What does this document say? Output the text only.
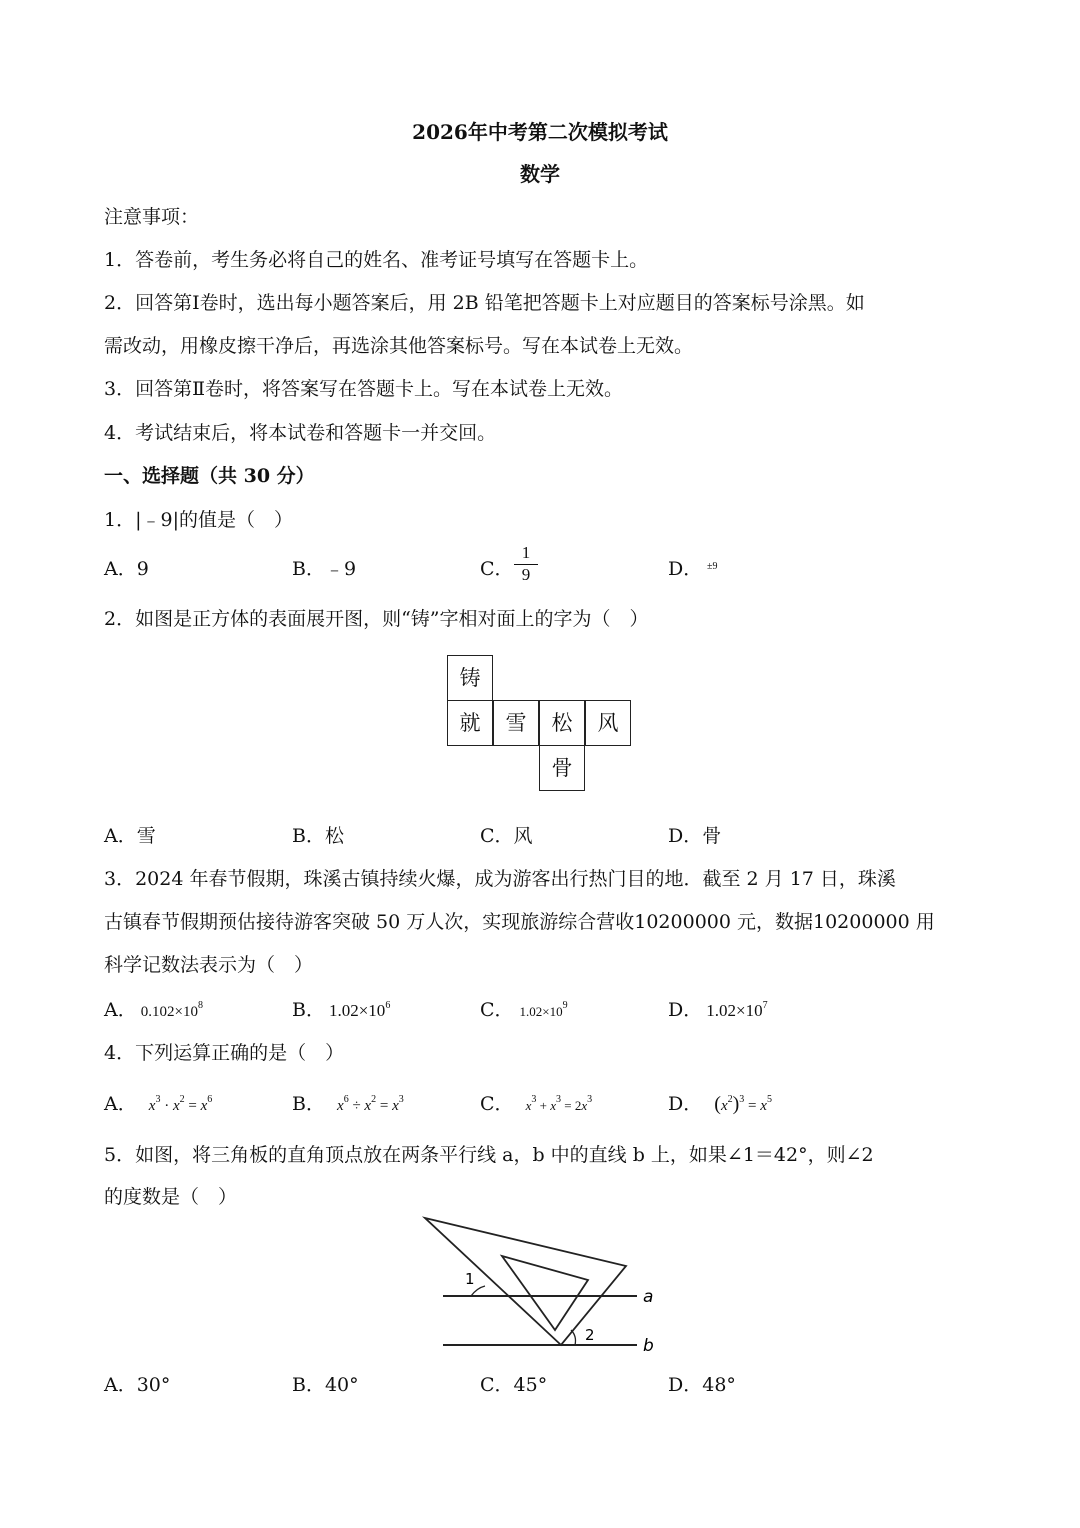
2026年中考第二次模拟考试
数学
注意事项：
1．答卷前，考生务必将自己的姓名、准考证号填写在答题卡上。
2．回答第Ⅰ卷时，选出每小题答案后，用 2B 铅笔把答题卡上对应题目的答案标号涂黑。如
需改动，用橡皮擦干净后，再选涂其他答案标号。写在本试卷上无效。
3．回答第Ⅱ卷时，将答案写在答题卡上。写在本试卷上无效。
4．考试结束后，将本试卷和答题卡一并交回。
一、选择题（共 30 分）
1．|﹣9|的值是（　）
A．9	B．﹣9	C． $\frac{1}{9}$	D． ±9
2．如图是正方体的表面展开图，则“铸”字相对面上的字为（　）
铸
就	雪	松	风
骨
A．雪	B．松	C．风	D．骨
3．2024 年春节假期，珠溪古镇持续火爆，成为游客出行热门目的地．截至 2 月 17 日，珠溪
古镇春节假期预估接待游客突破 50 万人次，实现旅游综合营收10200000 元，数据10200000 用
科学记数法表示为（　）
A． $0.102\times 10^8$	B． $1.02\times 10^6$	C． $1.02\times 10^9$	D． $1.02\times 10^7$
4．下列运算正确的是（　）
A． $x^3 \cdot x^2 = x^6$	B． $x^6 \div x^2 = x^3$	C． $x^3 + x^3 = 2x^3$	D． $(x^2)^3 = x^5$
5．如图，将三角板的直角顶点放在两条平行线 a，b 中的直线 b 上，如果∠1＝42°，则∠2
的度数是（　）
1
2
a
b
A．30°	B．40°	C．45°	D．48°
